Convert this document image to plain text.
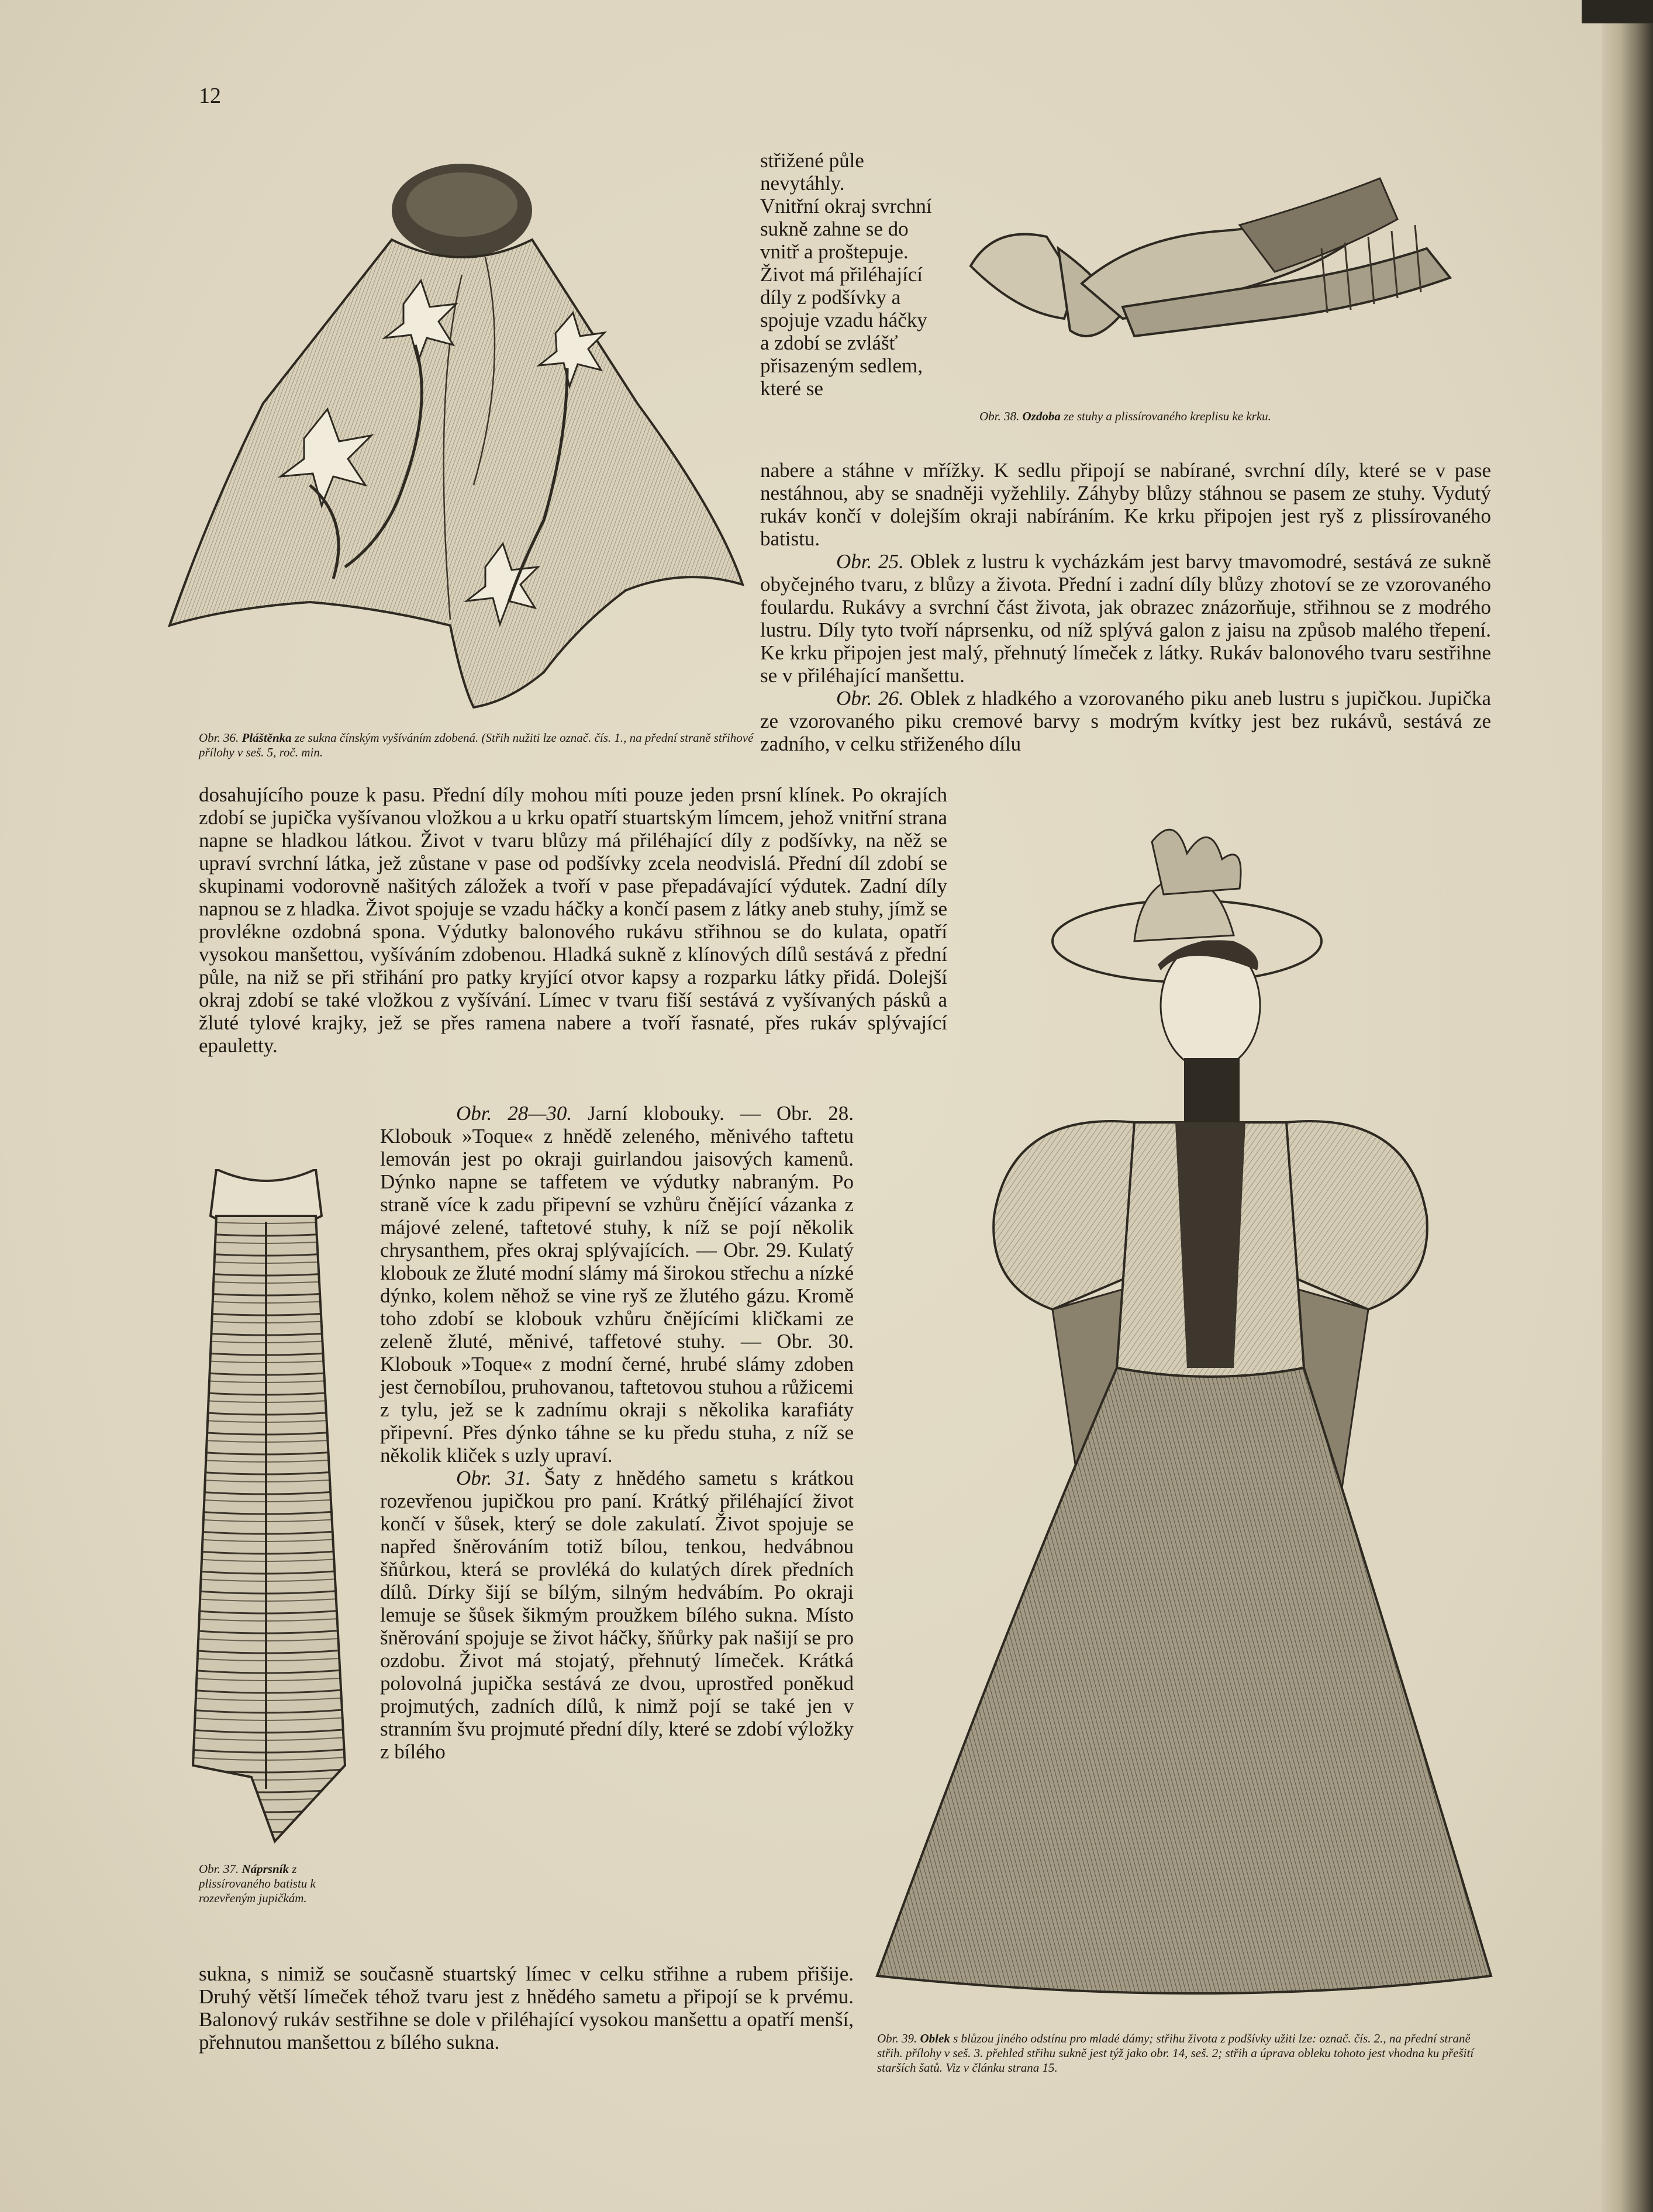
12
Obr. 36. Pláštěnka ze sukna čínským vyšíváním zdobená. (Střih nužiti lze označ. čís. 1., na přední straně střihové přílohy v seš. 5, roč. min.
Obr. 38. Ozdoba ze stuhy a plissírovaného kreplisu ke krku.

střižené půle nevytáhly.

Vnitřní okraj svrchní sukně zahne se do vnitř a proštepuje. Život má přiléhající díly z podšívky a spojuje vzadu háčky a zdobí se zvlášť přisazeným sedlem, které se

nabere a stáhne v mřížky. K sedlu připojí se nabírané, svrchní díly, které se v pase nestáhnou, aby se snadněji vyžehlily. Záhyby blůzy stáhnou se pasem ze stuhy. Vydutý rukáv končí v dolejším okraji nabíráním. Ke krku připojen jest ryš z plissírovaného batistu.

Obr. 25. Oblek z lustru k vycházkám jest barvy tmavomodré, sestává ze sukně obyčejného tvaru, z blůzy a života. Přední i zadní díly blůzy zhotoví se ze vzorovaného foulardu. Rukávy a svrchní část života, jak obrazec znázorňuje, střihnou se z modrého lustru. Díly tyto tvoří náprsenku, od níž splývá galon z jaisu na způsob malého třepení. Ke krku připojen jest malý, přehnutý límeček z látky. Rukáv balonového tvaru sestřihne se v přiléhající manšettu.

Obr. 26. Oblek z hladkého a vzorovaného piku aneb lustru s jupičkou. Jupička ze vzorovaného piku cremové barvy s modrým kvítky jest bez rukávů, sestává ze zadního, v celku střiženého dílu

Obr. 39. Oblek s blůzou jiného odstínu pro mladé dámy; střihu života z podšívky užiti lze: označ. čís. 2., na přední straně střih. přílohy v seš. 3. přehled střihu sukně jest týž jako obr. 14, seš. 2; střih a úprava obleku tohoto jest vhodna ku přešití starších šatů. Viz v článku strana 15.

dosahujícího pouze k pasu. Přední díly mohou míti pouze jeden prsní klínek. Po okrajích zdobí se jupička vyšívanou vložkou a u krku opatří stuartským límcem, jehož vnitřní strana napne se hladkou látkou. Život v tvaru blůzy má přiléhající díly z podšívky, na něž se upraví svrchní látka, jež zůstane v pase od podšívky zcela neodvislá. Přední díl zdobí se skupinami vodorovně našitých záložek a tvoří v pase přepadávající výdutek. Zadní díly napnou se z hladka. Život spojuje se vzadu háčky a končí pasem z látky aneb stuhy, jímž se provlékne ozdobná spona. Výdutky balonového rukávu střihnou se do kulata, opatří vysokou manšettou, vyšíváním zdobenou. Hladká sukně z klínových dílů sestává z přední půle, na niž se při střihání pro patky kryjící otvor kapsy a rozparku látky přidá. Dolejší okraj zdobí se také vložkou z vyšívání. Límec v tvaru fiší sestává z vyšívaných pásků a žluté tylové krajky, jež se přes ramena nabere a tvoří řasnaté, přes rukáv splývající epauletty.

Obr. 37. Náprsník z plissírovaného batistu k rozevřeným jupičkám.

Obr. 28—30. Jarní klobouky. — Obr. 28. Klobouk »Toque« z hnědě zeleného, měnivého taftetu lemován jest po okraji guirlandou jaisových kamenů. Dýnko napne se taffetem ve výdutky nabraným. Po straně více k zadu připevní se vzhůru čnějící vázanka z májové zelené, taftetové stuhy, k níž se pojí několik chrysanthem, přes okraj splývajících. — Obr. 29. Kulatý klobouk ze žluté modní slámy má širokou střechu a nízké dýnko, kolem něhož se vine ryš ze žlutého gázu. Kromě toho zdobí se klobouk vzhůru čnějícími kličkami ze zeleně žluté, měnivé, taffetové stuhy. — Obr. 30. Klobouk »Toque« z modní černé, hrubé slámy zdoben jest černobílou, pruhovanou, taftetovou stuhou a růžicemi z tylu, jež se k zadnímu okraji s několika karafiáty připevní. Přes dýnko táhne se ku předu stuha, z níž se několik kliček s uzly upraví.

Obr. 31. Šaty z hnědého sametu s krátkou rozevřenou jupičkou pro paní. Krátký přiléhající život končí v šůsek, který se dole zakulatí. Život spojuje se napřed šněrováním totiž bílou, tenkou, hedvábnou šňůrkou, která se provléká do kulatých dírek předních dílů. Dírky šijí se bílým, silným hedvábím. Po okraji lemuje se šůsek šikmým proužkem bílého sukna. Místo šněrování spojuje se život háčky, šňůrky pak našijí se pro ozdobu. Život má stojatý, přehnutý límeček. Krátká polovolná jupička sestává ze dvou, uprostřed poněkud projmutých, zadních dílů, k nimž pojí se také jen v stranním švu projmuté přední díly, které se zdobí výložky z bílého

sukna, s nimiž se současně stuartský límec v celku střihne a rubem přišije. Druhý větší límeček téhož tvaru jest z hnědého sametu a připojí se k prvému. Balonový rukáv sestřihne se dole v přiléhající vysokou manšettu a opatří menší, přehnutou manšettou z bílého sukna.
